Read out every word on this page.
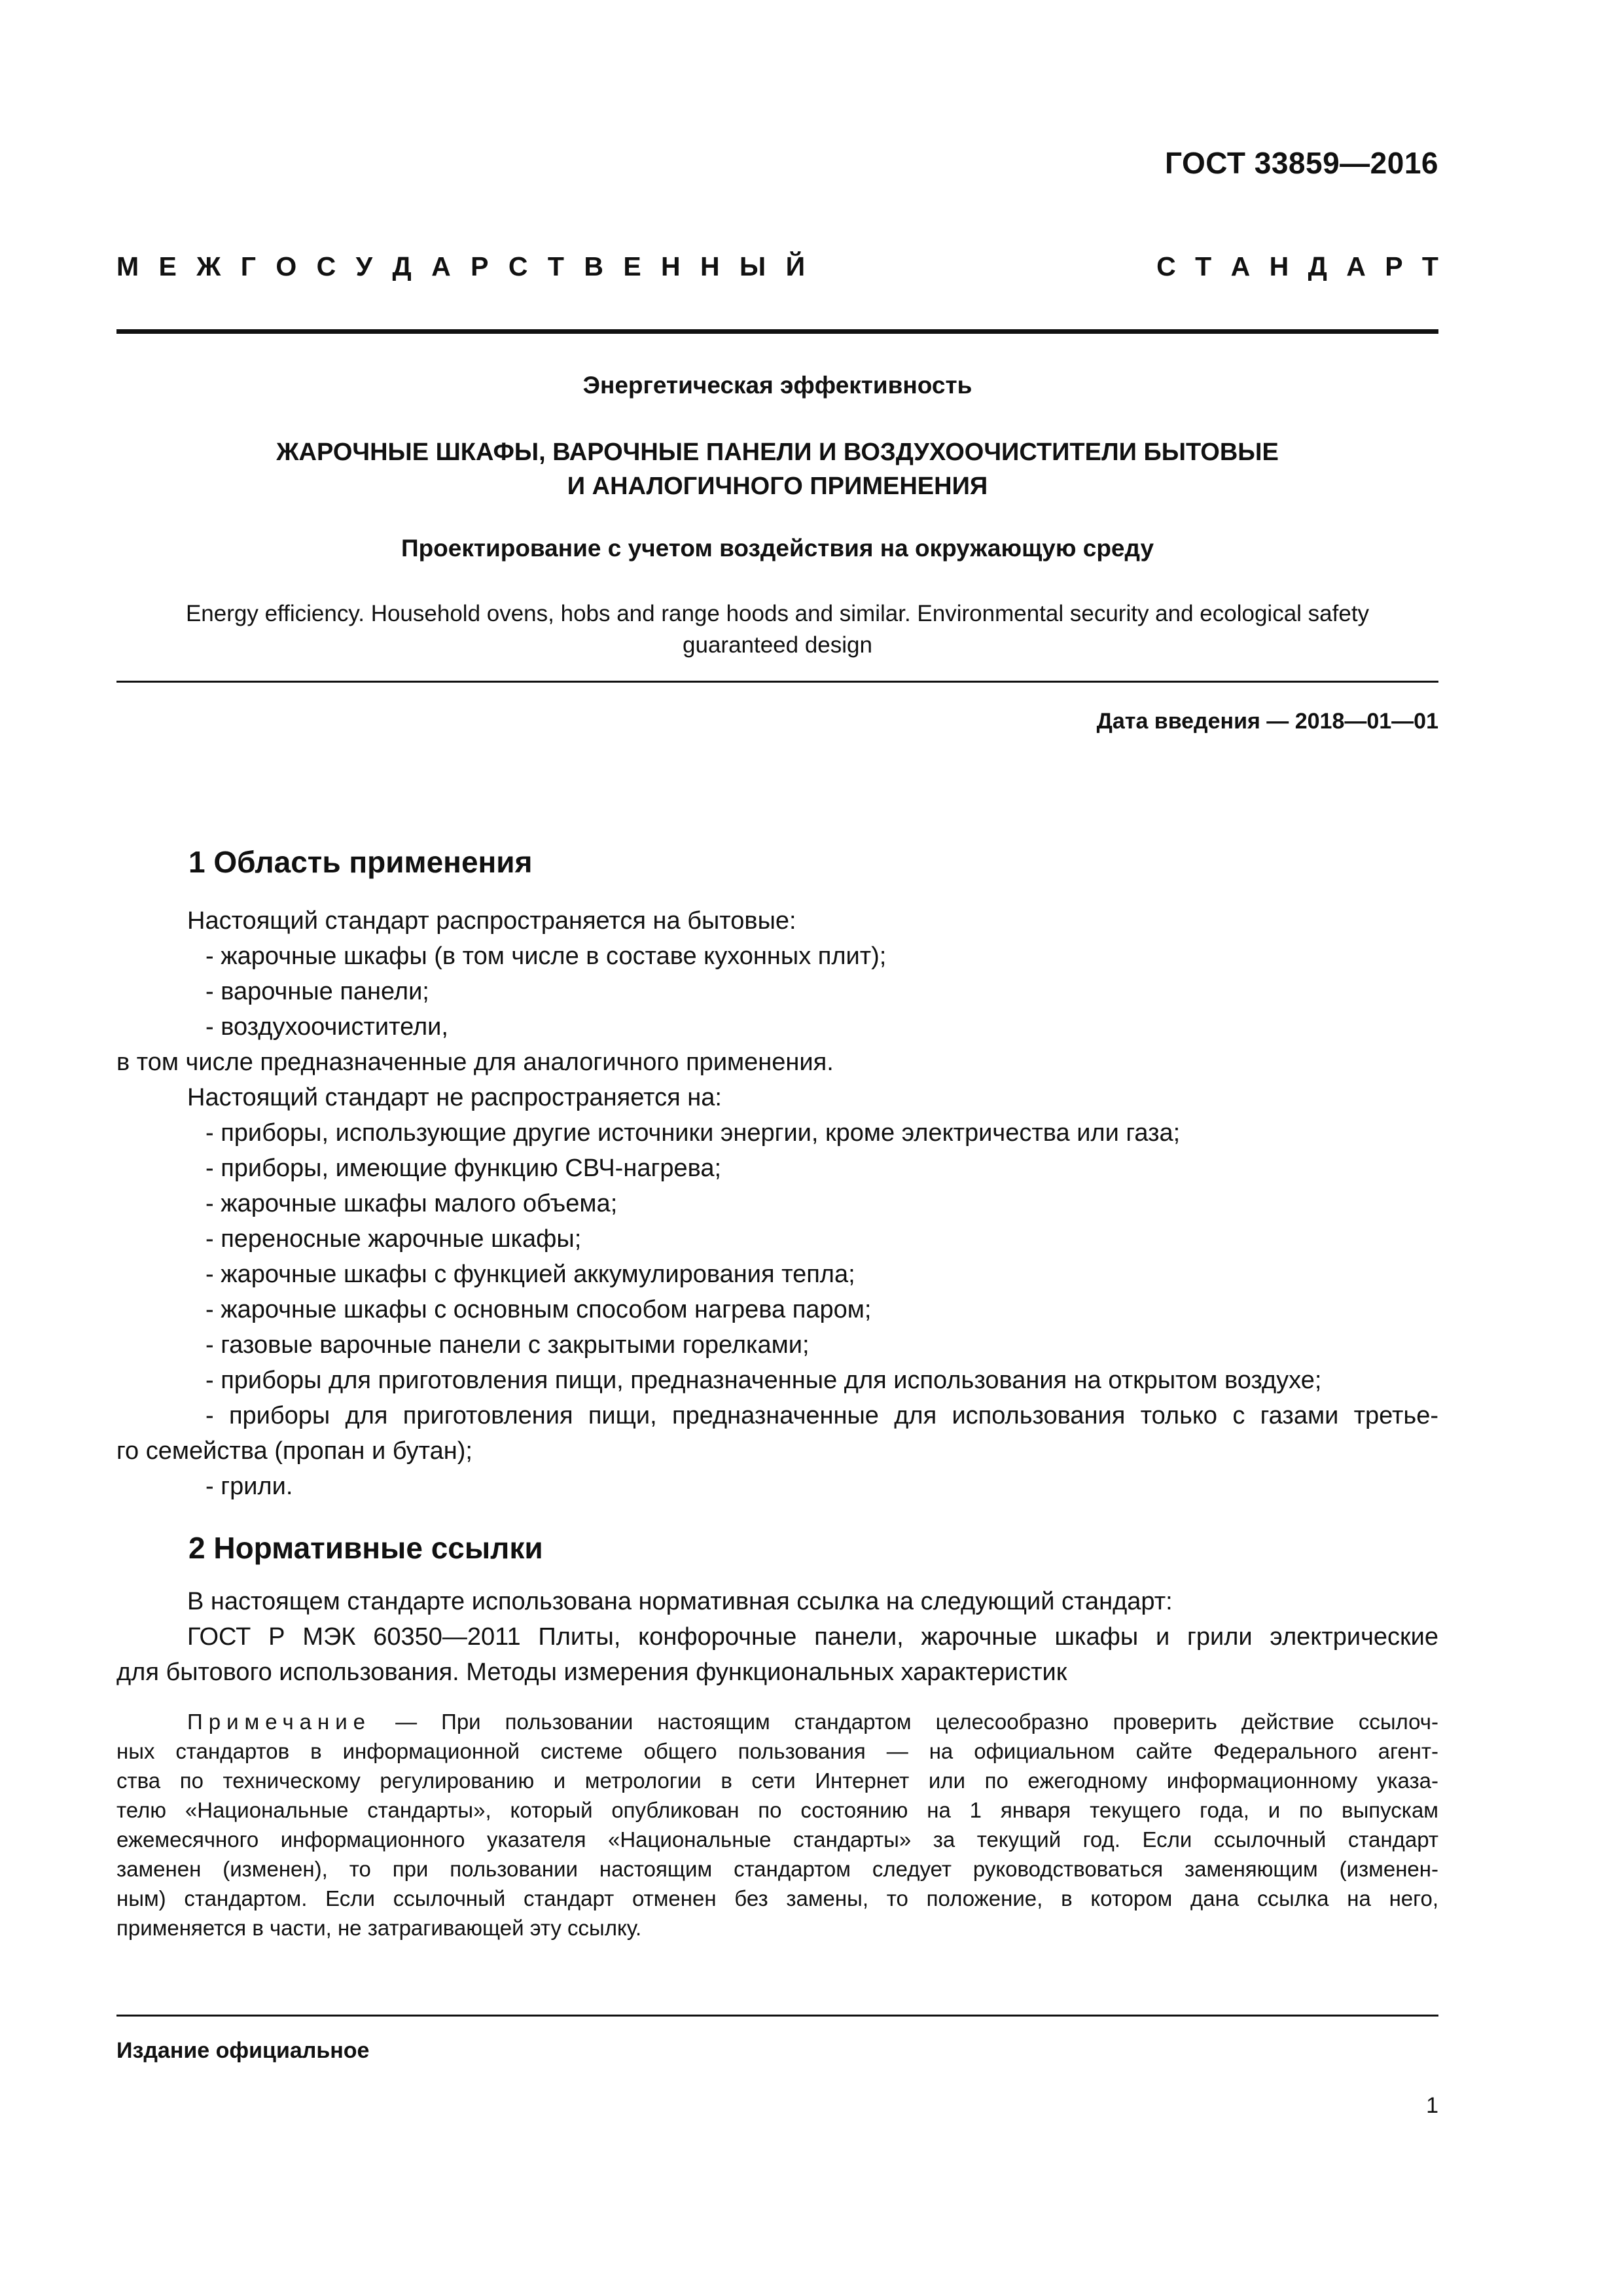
ГОСТ 33859—2016
М Е Ж Г О С У Д А Р С Т В Е Н Н Ы Й	С Т А Н Д А Р Т
Энергетическая эффективность
ЖАРОЧНЫЕ ШКАФЫ, ВАРОЧНЫЕ ПАНЕЛИ И ВОЗДУХООЧИСТИТЕЛИ БЫТОВЫЕ
И АНАЛОГИЧНОГО ПРИМЕНЕНИЯ
Проектирование с учетом воздействия на окружающую среду
Energy efficiency. Household ovens, hobs and range hoods and similar. Environmental security and ecological safety
guaranteed design
Дата введения — 2018—01—01
1 Область применения
Настоящий стандарт распространяется на бытовые:
- жарочные шкафы (в том числе в составе кухонных плит);
- варочные панели;
- воздухоочистители,
в том числе предназначенные для аналогичного применения.
Настоящий стандарт не распространяется на:
- приборы, использующие другие источники энергии, кроме электричества или газа;
- приборы, имеющие функцию СВЧ-нагрева;
- жарочные шкафы малого объема;
- переносные жарочные шкафы;
- жарочные шкафы с функцией аккумулирования тепла;
- жарочные шкафы с основным способом нагрева паром;
- газовые варочные панели с закрытыми горелками;
- приборы для приготовления пищи, предназначенные для использования на открытом воздухе;
- приборы для приготовления пищи, предназначенные для использования только с газами третье-
го семейства (пропан и бутан);
- грили.
2 Нормативные ссылки
В настоящем стандарте использована нормативная ссылка на следующий стандарт:
ГОСТ Р МЭК 60350—2011 Плиты, конфорочные панели, жарочные шкафы и грили электрические
для бытового использования. Методы измерения функциональных характеристик
Примечание — При пользовании настоящим стандартом целесообразно проверить действие ссылоч-
ных стандартов в информационной системе общего пользования — на официальном сайте Федерального агент-
ства по техническому регулированию и метрологии в сети Интернет или по ежегодному информационному указа-
телю «Национальные стандарты», который опубликован по состоянию на 1 января текущего года, и по выпускам
ежемесячного информационного указателя «Национальные стандарты» за текущий год. Если ссылочный стандарт
заменен (изменен), то при пользовании настоящим стандартом следует руководствоваться заменяющим (изменен-
ным) стандартом. Если ссылочный стандарт отменен без замены, то положение, в котором дана ссылка на него,
применяется в части, не затрагивающей эту ссылку.
Издание официальное
1
